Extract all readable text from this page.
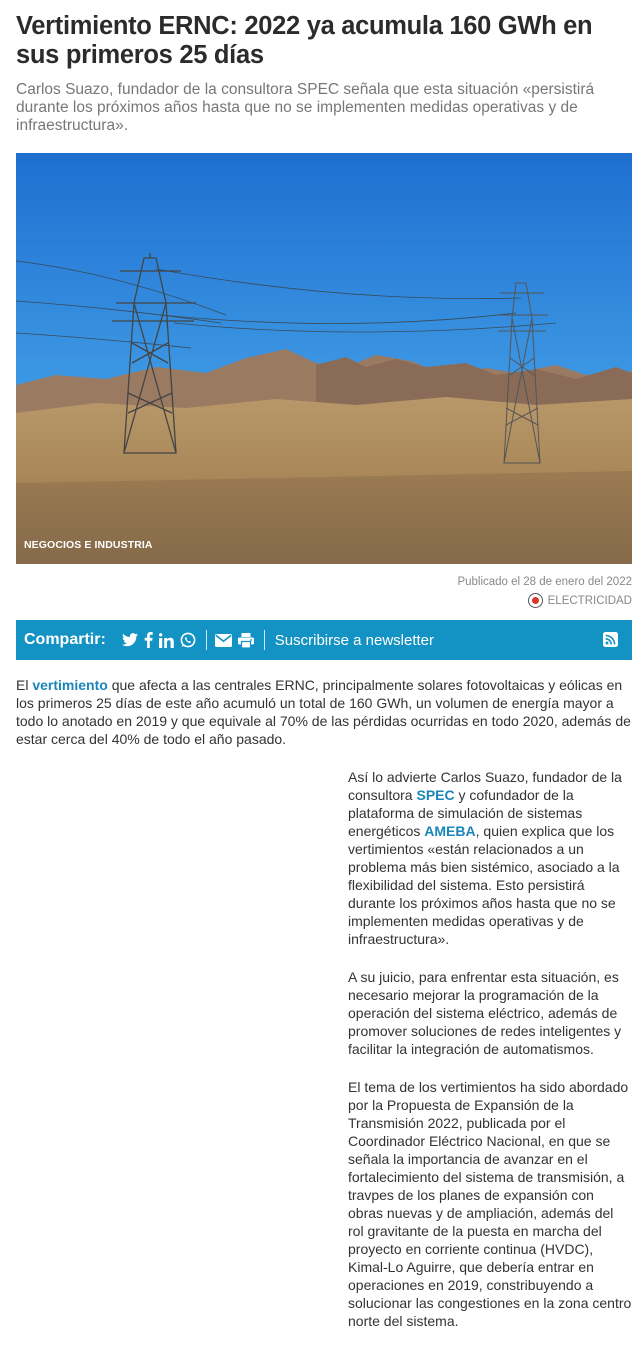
Vertimiento ERNC: 2022 ya acumula 160 GWh en sus primeros 25 días

Carlos Suazo, fundador de la consultora SPEC señala que esta situación «persistirá durante los próximos años hasta que no se implementen medidas operativas y de infraestructura».

NEGOCIOS E INDUSTRIA
Publicado el 28 de enero del 2022
ELECTRICIDAD
Compartir:	Suscribirse a newsletter

El vertimiento que afecta a las centrales ERNC, principalmente solares fotovoltaicas y eólicas en los primeros 25 días de este año acumuló un total de 160 GWh, un volumen de energía mayor a todo lo anotado en 2019 y que equivale al 70% de las pérdidas ocurridas en todo 2020, además de estar cerca del 40% de todo el año pasado.

Así lo advierte Carlos Suazo, fundador de la consultora SPEC y cofundador de la plataforma de simulación de sistemas energéticos AMEBA, quien explica que los vertimientos «están relacionados a un problema más bien sistémico, asociado a la flexibilidad del sistema. Esto persistirá durante los próximos años hasta que no se implementen medidas operativas y de infraestructura».

A su juicio, para enfrentar esta situación, es necesario mejorar la programación de la operación del sistema eléctrico, además de promover soluciones de redes inteligentes y facilitar la integración de automatismos.

El tema de los vertimientos ha sido abordado por la Propuesta de Expansión de la Transmisión 2022, publicada por el Coordinador Eléctrico Nacional, en que se señala la importancia de avanzar en el fortalecimiento del sistema de transmisión, a travpes de los planes de expansión con obras nuevas y de ampliación, además del rol gravitante de la puesta en marcha del proyecto en corriente continua (HVDC), Kimal-Lo Aguirre, que debería entrar en operaciones en 2019, constribuyendo a solucionar las congestiones en la zona centro norte del sistema.
